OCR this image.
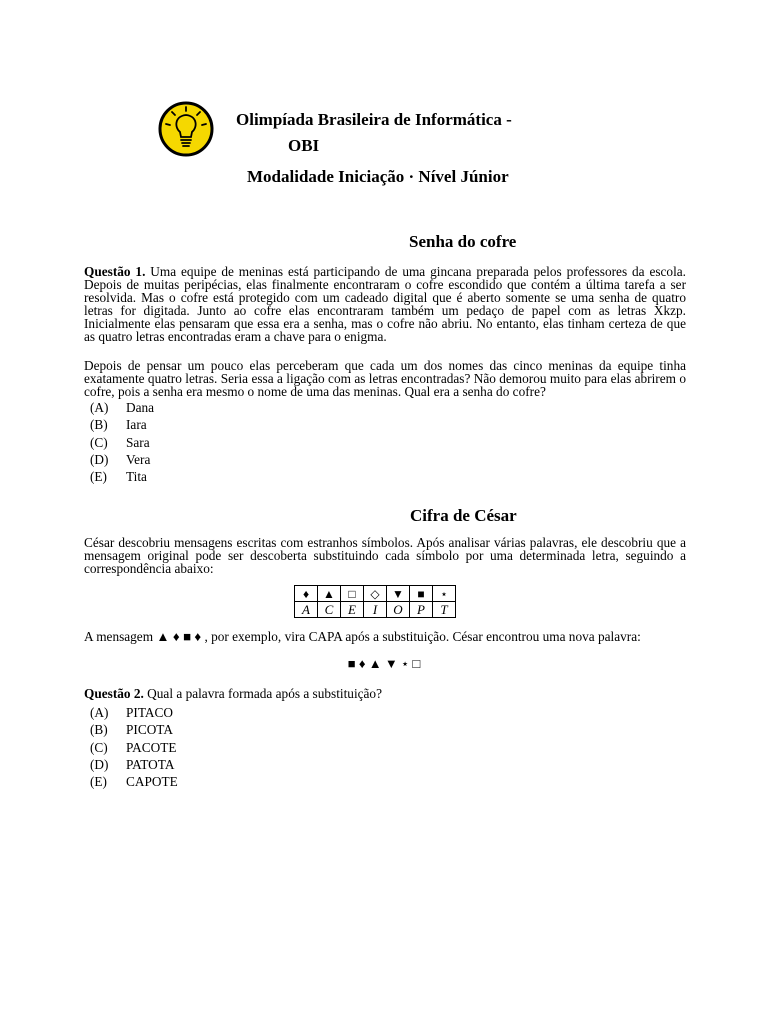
Olimpíada Brasileira de Informática -
OBI
Modalidade Iniciação · Nível Júnior
Senha do cofre

Questão 1. Uma equipe de meninas está participando de uma gincana preparada pelos professores da escola. Depois de muitas peripécias, elas finalmente encontraram o cofre escondido que contém a última tarefa a ser resolvida. Mas o cofre está protegido com um cadeado digital que é aberto somente se uma senha de quatro letras for digitada. Junto ao cofre elas encontraram também um pedaço de papel com as letras Xkzp. Inicialmente elas pensaram que essa era a senha, mas o cofre não abriu. No entanto, elas tinham certeza de que as quatro letras encontradas eram a chave para o enigma.

Depois de pensar um pouco elas perceberam que cada um dos nomes das cinco meninas da equipe tinha exatamente quatro letras. Seria essa a ligação com as letras encontradas? Não demorou muito para elas abrirem o cofre, pois a senha era mesmo o nome de uma das meninas. Qual era a senha do cofre?

(A) Dana
(B) Iara
(C) Sara
(D) Vera
(E) Tita
Cifra de César

César descobriu mensagens escritas com estranhos símbolos. Após analisar várias palavras, ele descobriu que a mensagem original pode ser descoberta substituindo cada símbolo por uma determinada letra, seguindo a correspondência abaixo:

♦	▲	□	◇	▼	■	⋆
A	C	E	I	O	P	T

A mensagem ▲ ♦ ■ ♦ , por exemplo, vira CAPA após a substituição. César encontrou uma nova palavra:

■ ♦ ▲ ▼ ⋆ □

Questão 2. Qual a palavra formada após a substituição?

(A) PITACO
(B) PICOTA
(C) PACOTE
(D) PATOTA
(E) CAPOTE
